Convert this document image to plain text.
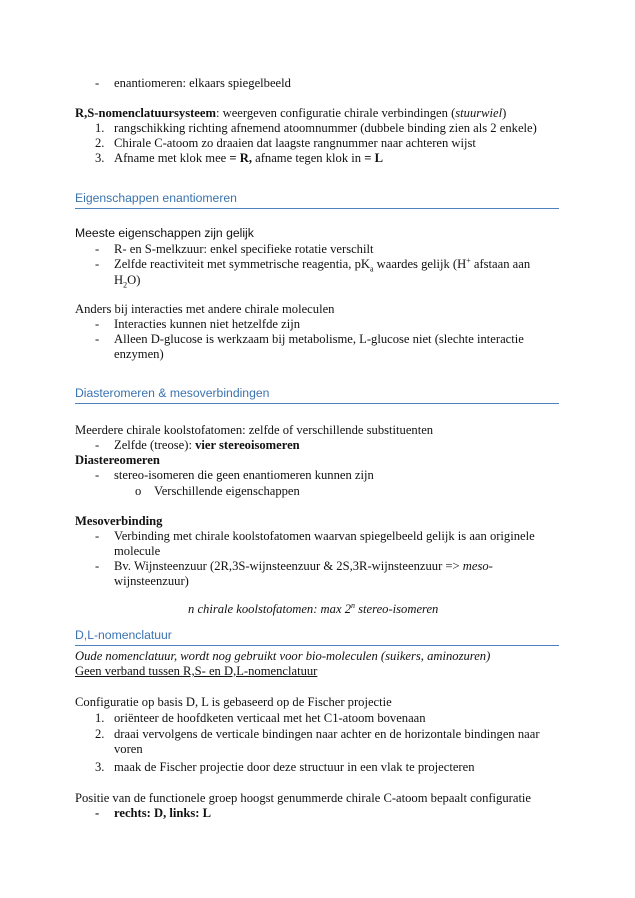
- enantiomeren: elkaars spiegelbeeld
R,S-nomenclatuursysteem: weergeven configuratie chirale verbindingen (stuurwiel)
1. rangschikking richting afnemend atoomnummer (dubbele binding zien als 2 enkele)
2. Chirale C-atoom zo draaien dat laagste rangnummer naar achteren wijst
3. Afname met klok mee = R, afname tegen klok in = L
Eigenschappen enantiomeren
Meeste eigenschappen zijn gelijk
- R- en S-melkzuur: enkel specifieke rotatie verschilt
- Zelfde reactiviteit met symmetrische reagentia, $pK_a$ waardes gelijk (H+ afstaan aan
$H_2O$)
Anders bij interacties met andere chirale moleculen
- Interacties kunnen niet hetzelfde zijn
- Alleen D-glucose is werkzaam bij metabolisme, L-glucose niet (slechte interactie
enzymen)
Diasteromeren & mesoverbindingen
Meerdere chirale koolstofatomen: zelfde of verschillende substituenten
- Zelfde (treose): vier stereoisomeren
Diastereomeren
- stereo-isomeren die geen enantiomeren kunnen zijn
o Verschillende eigenschappen
Mesoverbinding
- Verbinding met chirale koolstofatomen waarvan spiegelbeeld gelijk is aan originele
molecule
- Bv. Wijnsteenzuur (2R,3S-wijnsteenzuur & 2S,3R-wijnsteenzuur => meso-
wijnsteenzuur)
n chirale koolstofatomen: max 2$^n$ stereo-isomeren
D,L-nomenclatuur
Oude nomenclatuur, wordt nog gebruikt voor bio-moleculen (suikers, aminozuren)
Geen verband tussen R,S- en D,L-nomenclatuur
Configuratie op basis D, L is gebaseerd op de Fischer projectie
1. oriënteer de hoofdketen verticaal met het C1-atoom bovenaan
2. draai vervolgens de verticale bindingen naar achter en de horizontale bindingen naar
voren
3. maak de Fischer projectie door deze structuur in een vlak te projecteren
Positie van de functionele groep hoogst genummerde chirale C-atoom bepaalt configuratie
- rechts: D, links: L
